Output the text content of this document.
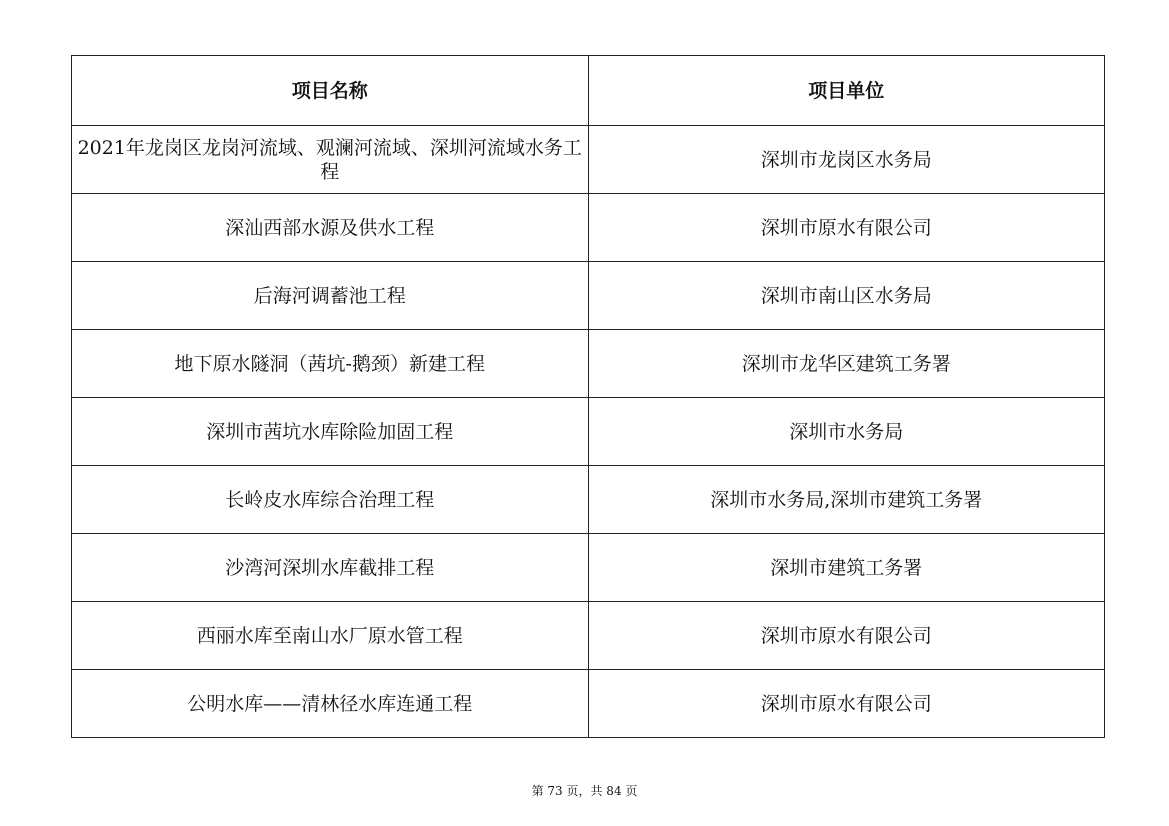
项目名称	项目单位
2021年龙岗区龙岗河流域、观澜河流域、深圳河流域水务工程	深圳市龙岗区水务局
深汕西部水源及供水工程	深圳市原水有限公司
后海河调蓄池工程	深圳市南山区水务局
地下原水隧洞（茜坑-鹅颈）新建工程	深圳市龙华区建筑工务署
深圳市茜坑水库除险加固工程	深圳市水务局
长岭皮水库综合治理工程	深圳市水务局,深圳市建筑工务署
沙湾河深圳水库截排工程	深圳市建筑工务署
西丽水库至南山水厂原水管工程	深圳市原水有限公司
公明水库——清林径水库连通工程	深圳市原水有限公司
第 73 页，共 84 页
